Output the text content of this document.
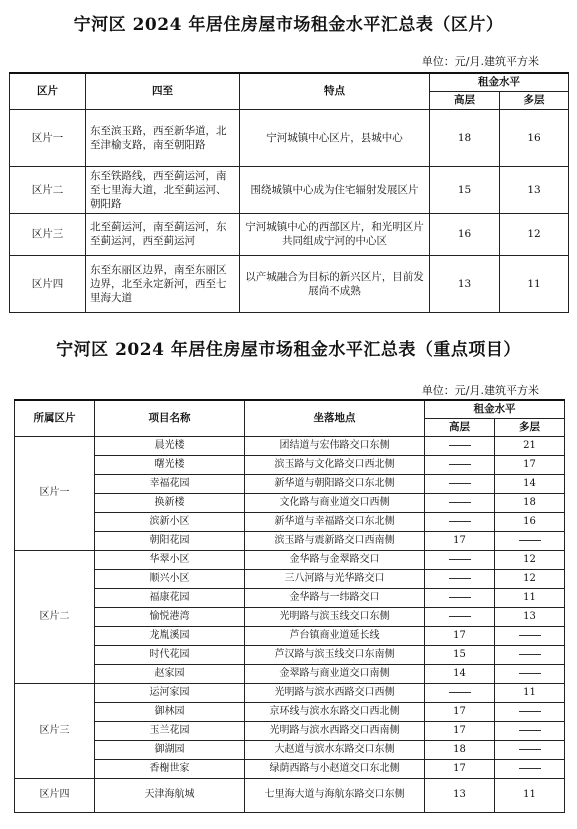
宁河区 2024 年居住房屋市场租金水平汇总表（区片）
单位：元/月.建筑平方米
区片	四至	特点	租金水平	
			高层	多层
区片一	东至滨玉路，西至新华道，北至津榆支路，南至朝阳路	宁河城镇中心区片，县城中心	18	16
区片二	东至铁路线，西至蓟运河，南至七里海大道，北至蓟运河、朝阳路	围绕城镇中心成为住宅辐射发展区片	15	13
区片三	北至蓟运河，南至蓟运河，东至蓟运河，西至蓟运河	宁河城镇中心的西部区片，和光明区片共同组成宁河的中心区	16	12
区片四	东至东丽区边界，南至东丽区边界，北至永定新河，西至七里海大道	以产城融合为目标的新兴区片，目前发展尚不成熟	13	11
宁河区 2024 年居住房屋市场租金水平汇总表（重点项目）
单位：元/月.建筑平方米
所属区片	项目名称	坐落地点	租金水平	
			高层	多层
区片一	晨光楼	团结道与宏伟路交口东侧		21
	曙光楼	滨玉路与文化路交口西北侧		17
	幸福花园	新华道与朝阳路交口东北侧		14
	换新楼	文化路与商业道交口西侧		18
	滨新小区	新华道与幸福路交口东北侧		16
	朝阳花园	滨玉路与震新路交口西南侧	17	
区片二	华翠小区	金华路与金翠路交口		12
	顺兴小区	三八河路与光华路交口		12
	福康花园	金华路与一纬路交口		11
	愉悦港湾	光明路与滨玉线交口东侧		13
	龙胤溪园	芦台镇商业道延长线	17	
	时代花园	芦汉路与滨玉线交口东南侧	15	
	赵家园	金翠路与商业道交口南侧	14	
区片三	运河家园	光明路与滨水西路交口西侧		11
	御林园	京环线与滨水东路交口西北侧	17	
	玉兰花园	光明路与滨水西路交口西南侧	17	
	御湖园	大赵道与滨水东路交口东侧	18	
	香榭世家	绿荫西路与小赵道交口东北侧	17	
区片四	天津海航城	七里海大道与海航东路交口东侧	13	11
